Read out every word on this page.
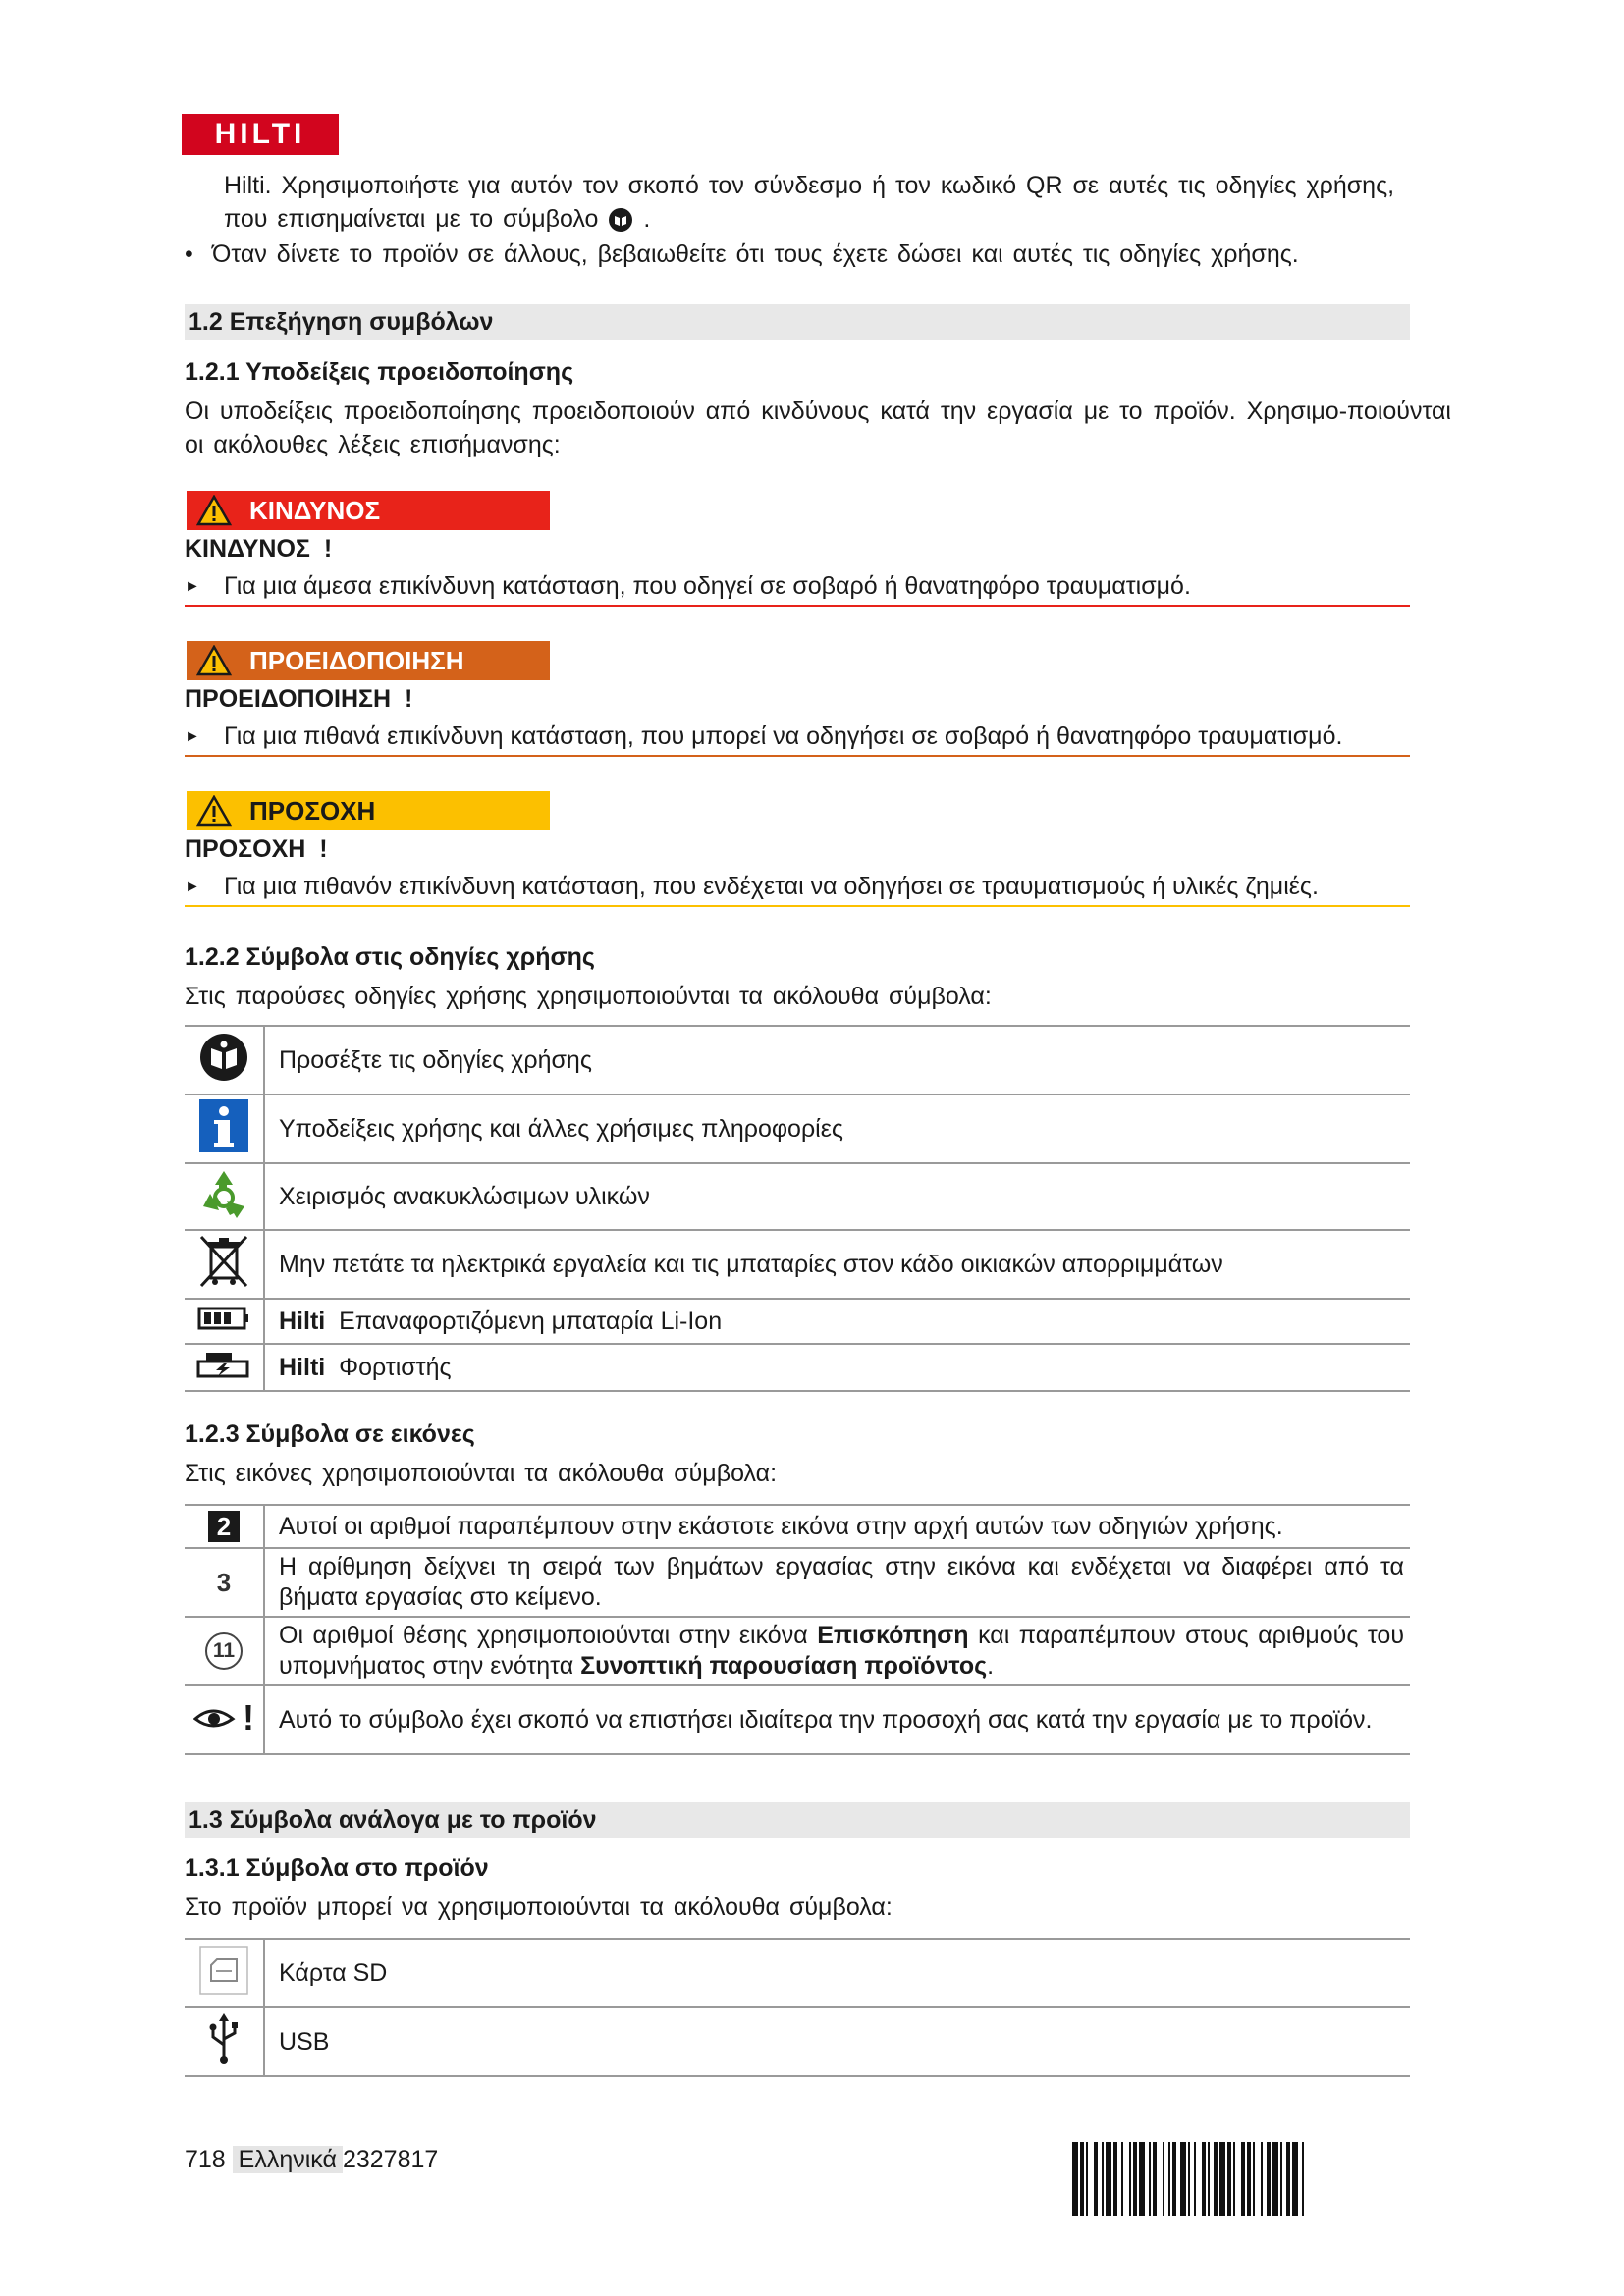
HILTI
Hilti. Χρησιμοποιήστε για αυτόν τον σκοπό τον σύνδεσμο ή τον κωδικό QR σε αυτές τις οδηγίες χρήσης,
που επισημαίνεται με το σύμβολο .
• Όταν δίνετε το προϊόν σε άλλους, βεβαιωθείτε ότι τους έχετε δώσει και αυτές τις οδηγίες χρήσης.
1.2 Επεξήγηση συμβόλων
1.2.1 Υποδείξεις προειδοποίησης
Οι υποδείξεις προειδοποίησης προειδοποιούν από κινδύνους κατά την εργασία με το προϊόν. Χρησιμο-ποιούνται οι ακόλουθες λέξεις επισήμανσης:
ΚΙΝΔΥΝΟΣ
ΚΙΝΔΥΝΟΣ !
► Για μια άμεσα επικίνδυνη κατάσταση, που οδηγεί σε σοβαρό ή θανατηφόρο τραυματισμό.
ΠΡΟΕΙΔΟΠΟΙΗΣΗ
ΠΡΟΕΙΔΟΠΟΙΗΣΗ !
► Για μια πιθανά επικίνδυνη κατάσταση, που μπορεί να οδηγήσει σε σοβαρό ή θανατηφόρο τραυματισμό.
ΠΡΟΣΟΧΗ
ΠΡΟΣΟΧΗ !
► Για μια πιθανόν επικίνδυνη κατάσταση, που ενδέχεται να οδηγήσει σε τραυματισμούς ή υλικές ζημιές.
1.2.2 Σύμβολα στις οδηγίες χρήσης
Στις παρούσες οδηγίες χρήσης χρησιμοποιούνται τα ακόλουθα σύμβολα:
	Προσέξτε τις οδηγίες χρήσης
	Υποδείξεις χρήσης και άλλες χρήσιμες πληροφορίες
	Χειρισμός ανακυκλώσιμων υλικών
	Μην πετάτε τα ηλεκτρικά εργαλεία και τις μπαταρίες στον κάδο οικιακών απορριμμάτων
	Hilti Επαναφορτιζόμενη μπαταρία Li-Ion
	Hilti Φορτιστής
1.2.3 Σύμβολα σε εικόνες
Στις εικόνες χρησιμοποιούνται τα ακόλουθα σύμβολα:
2	Αυτοί οι αριθμοί παραπέμπουν στην εκάστοτε εικόνα στην αρχή αυτών των οδηγιών χρήσης.
3	Η αρίθμηση δείχνει τη σειρά των βημάτων εργασίας στην εικόνα και ενδέχεται να διαφέρει από τα βήματα εργασίας στο κείμενο.
11	Οι αριθμοί θέσης χρησιμοποιούνται στην εικόνα Επισκόπηση και παραπέμπουν στους αριθμούς του υπομνήματος στην ενότητα Συνοπτική παρουσίαση προϊόντος.
!	Αυτό το σύμβολο έχει σκοπό να επιστήσει ιδιαίτερα την προσοχή σας κατά την εργασία με το προϊόν.
1.3 Σύμβολα ανάλογα με το προϊόν
1.3.1 Σύμβολα στο προϊόν
Στο προϊόν μπορεί να χρησιμοποιούνται τα ακόλουθα σύμβολα:
	Κάρτα SD
	USB
718 Ελληνικά 2327817
